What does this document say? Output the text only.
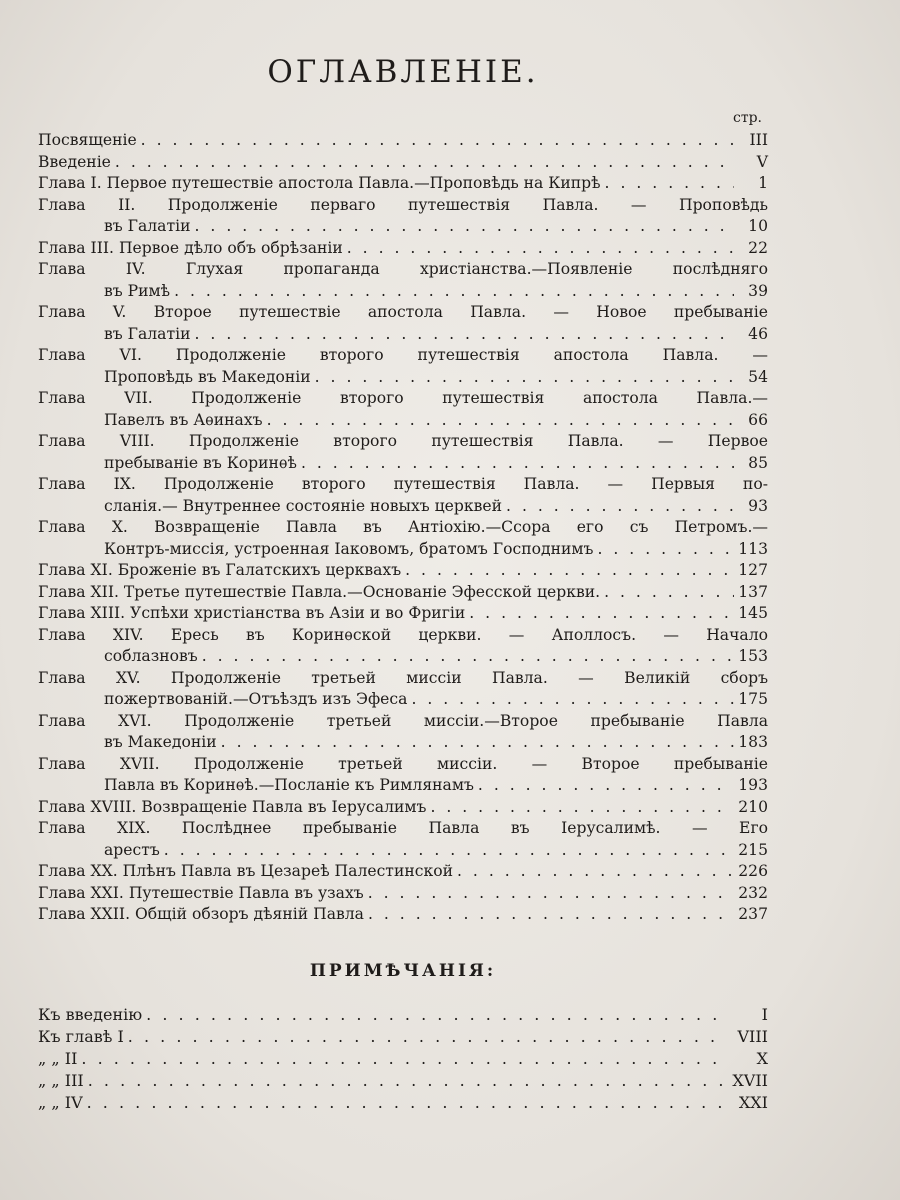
ОГЛАВЛЕНІЕ.
стр.
Посвященіе . . .	III
Введеніе . . .	V
Глава I. Первое путешествіе апостола Павла.—Проповѣдь на Кипрѣ . . .	1
Глава II. Продолженіе перваго путешествія Павла. — Проповѣдь
въ Галатіи . . .	10
Глава III. Первое дѣло объ обрѣзаніи . . .	22
Глава IV. Глухая пропаганда христіанства.—Появленіе послѣдняго
въ Римѣ . . .	39
Глава V. Второе путешествіе апостола Павла. — Новое пребываніе
въ Галатіи . . .	46
Глава VI. Продолженіе второго путешествія апостола Павла. —
Проповѣдь въ Македоніи . . .	54
Глава VII. Продолженіе второго путешествія апостола Павла.—
Павелъ въ Аѳинахъ . . .	66
Глава VIII. Продолженіе второго путешествія Павла. — Первое
пребываніе въ Коринѳѣ . . .	85
Глава IX. Продолженіе второго путешествія Павла. — Первыя по-
сланія.— Внутреннее состояніе новыхъ церквей . . .	93
Глава X. Возвращеніе Павла въ Антіохію.—Ссора его съ Петромъ.—
Контръ-миссія, устроенная Іаковомъ, братомъ Господнимъ . . .	113
Глава XI. Броженіе въ Галатскихъ церквахъ . . .	127
Глава XII. Третье путешествіе Павла.—Основаніе Эфесской церкви. . . .	137
Глава XIII. Успѣхи христіанства въ Азіи и во Фригіи . . .	145
Глава XIV. Ересь въ Коринѳской церкви. — Аполлосъ. — Начало
соблазновъ . . .	153
Глава XV. Продолженіе третьей миссіи Павла. — Великій сборъ
пожертвованій.—Отъѣздъ изъ Эфеса . . .	175
Глава XVI. Продолженіе третьей миссіи.—Второе пребываніе Павла
въ Македоніи . . .	183
Глава XVII. Продолженіе третьей миссіи. — Второе пребываніе
Павла въ Коринѳѣ.—Посланіе къ Римлянамъ . . .	193
Глава XVIII. Возвращеніе Павла въ Іерусалимъ . . .	210
Глава XIX. Послѣднее пребываніе Павла въ Іерусалимѣ. — Его
арестъ . . .	215
Глава XX. Плѣнъ Павла въ Цезареѣ Палестинской . . .	226
Глава XXI. Путешествіе Павла въ узахъ . . .	232
Глава XXII. Общій обзоръ дѣяній Павла . . .	237
ПРИМѢЧАНІЯ:
Къ введенію . . .	I
Къ главѣ I . . .	VIII
„ „ II . . .	X
„ „ III . . .	XVII
„ „ IV . . .	XXI
